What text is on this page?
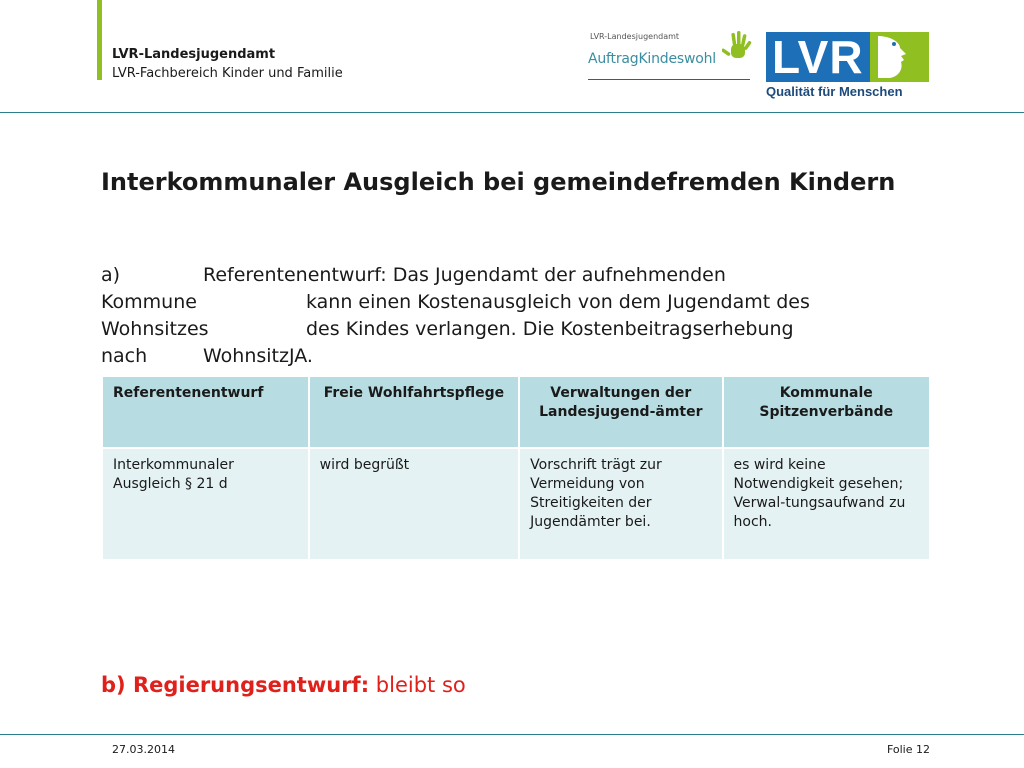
LVR-Landesjugendamt
LVR-Fachbereich Kinder und Familie
LVR-Landesjugendamt
AuftragKindeswohl LVR
Qualität für Menschen
Interkommunaler Ausgleich bei gemeindefremden Kindern
a)	Referentenentwurf: Das Jugendamt der aufnehmenden
Kommune	kann einen Kostenausgleich von dem Jugendamt des
Wohnsitzes	des Kindes verlangen. Die Kostenbeitragserhebung
nach	WohnsitzJA.
Referentenentwurf	Freie Wohlfahrtspflege	Verwaltungen der Landesjugend-ämter	Kommunale Spitzenverbände
Interkommunaler Ausgleich § 21 d	wird begrüßt	Vorschrift trägt zur Vermeidung von Streitigkeiten der Jugendämter bei.	es wird keine Notwendigkeit gesehen; Verwal-tungsaufwand zu hoch.
b) Regierungsentwurf: bleibt so
27.03.2014	Folie 12
